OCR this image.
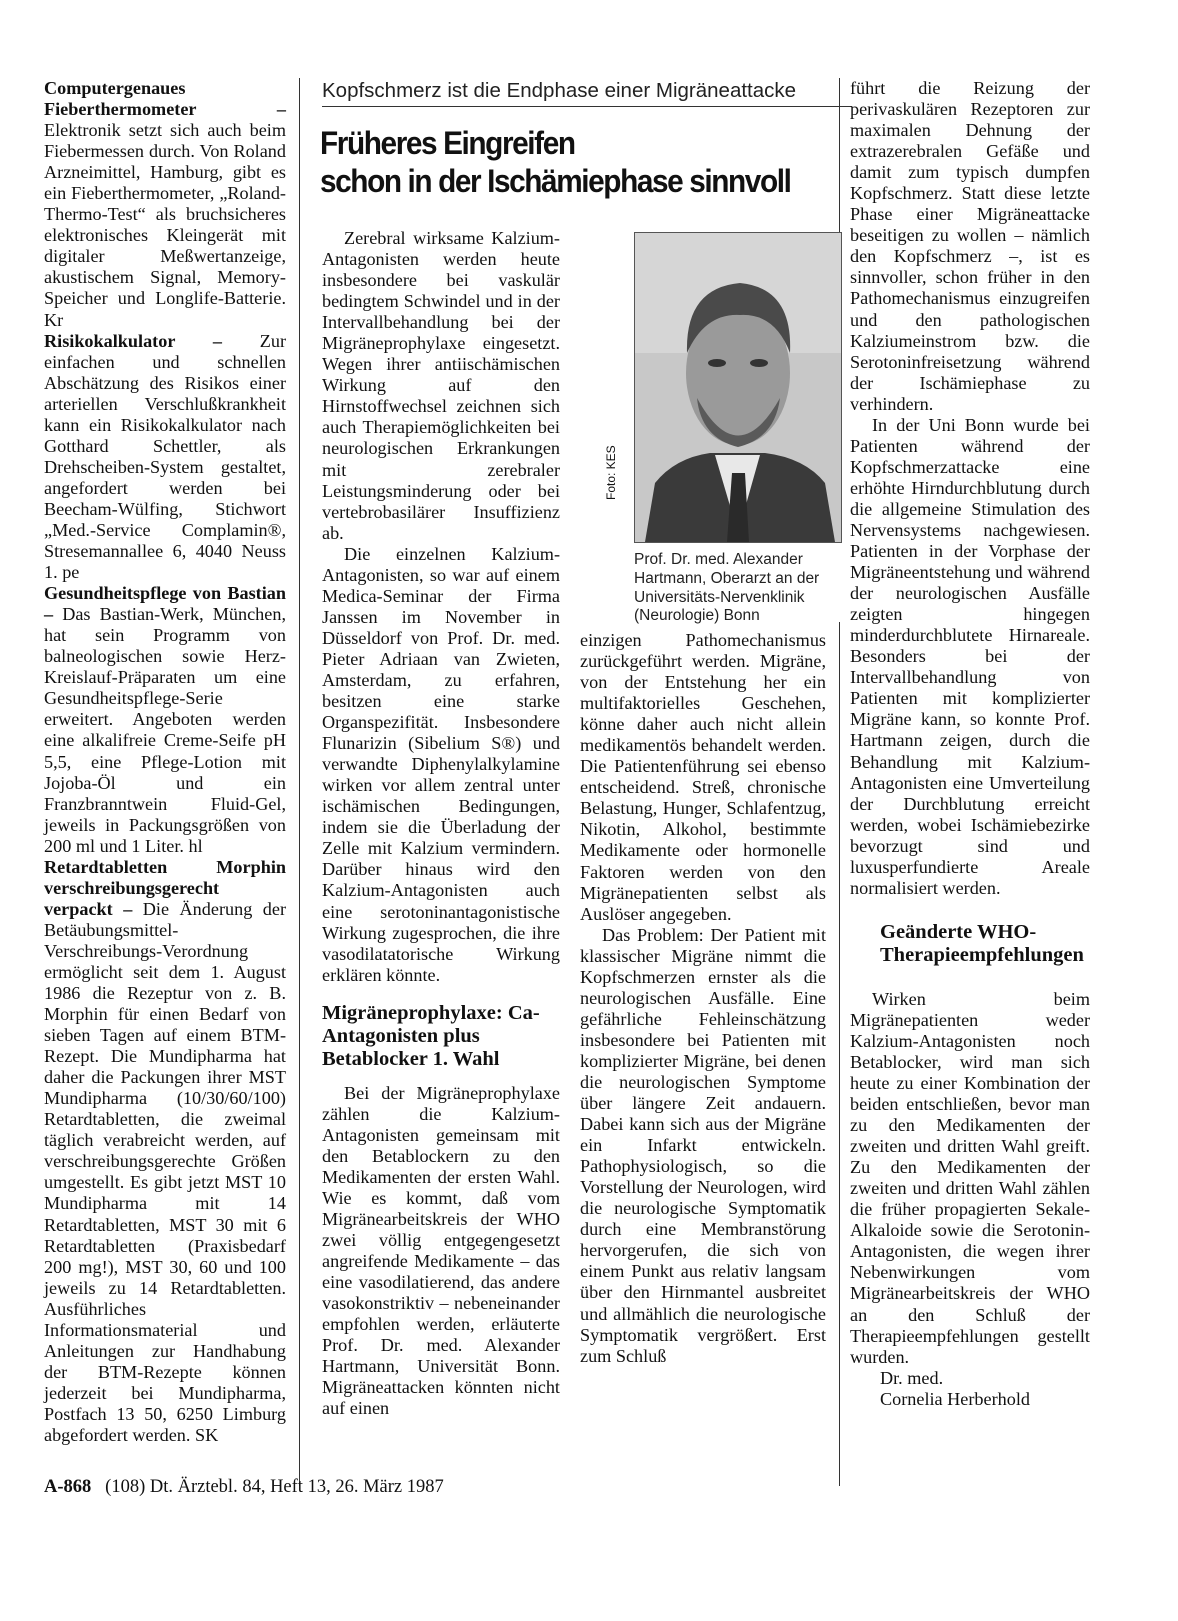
Computergenaues Fieberthermometer – Elektronik setzt sich auch beim Fiebermessen durch. Von Roland Arzneimittel, Hamburg, gibt es ein Fieberthermometer, „Roland-Thermo-Test“ als bruchsicheres elektronisches Kleingerät mit digitaler Meßwertanzeige, akustischem Signal, Memory-Speicher und Longlife-Batterie. Kr

Risikokalkulator – Zur einfachen und schnellen Abschätzung des Risikos einer arteriellen Verschlußkrankheit kann ein Risikokalkulator nach Gotthard Schettler, als Drehscheiben-System gestaltet, angefordert werden bei Beecham-Wülfing, Stichwort „Med.-Service Complamin®, Stresemannallee 6, 4040 Neuss 1. pe

Gesundheitspflege von Bastian – Das Bastian-Werk, München, hat sein Programm von balneologischen sowie Herz-Kreislauf-Präparaten um eine Gesundheitspflege-Serie erweitert. Angeboten werden eine alkalifreie Creme-Seife pH 5,5, eine Pflege-Lotion mit Jojoba-Öl und ein Franzbranntwein Fluid-Gel, jeweils in Packungsgrößen von 200 ml und 1 Liter. hl

Retardtabletten Morphin verschreibungsgerecht verpackt – Die Änderung der Betäubungsmittel-Verschreibungs-Verordnung ermöglicht seit dem 1. August 1986 die Rezeptur von z. B. Morphin für einen Bedarf von sieben Tagen auf einem BTM-Rezept. Die Mundipharma hat daher die Packungen ihrer MST Mundipharma (10/30/60/100) Retardtabletten, die zweimal täglich verabreicht werden, auf verschreibungsgerechte Größen umgestellt. Es gibt jetzt MST 10 Mundipharma mit 14 Retardtabletten, MST 30 mit 6 Retardtabletten (Praxisbedarf 200 mg!), MST 30, 60 und 100 jeweils zu 14 Retardtabletten. Ausführliches Informationsmaterial und Anleitungen zur Handhabung der BTM-Rezepte können jederzeit bei Mundipharma, Postfach 13 50, 6250 Limburg abgefordert werden. SK

Kopfschmerz ist die Endphase einer Migräneattacke
Früheres Eingreifen
schon in der Ischämiephase sinnvoll

Zerebral wirksame Kalzium-Antagonisten werden heute insbesondere bei vaskulär bedingtem Schwindel und in der Intervallbehandlung bei der Migräneprophylaxe eingesetzt. Wegen ihrer antiischämischen Wirkung auf den Hirnstoffwechsel zeichnen sich auch Therapiemöglichkeiten bei neurologischen Erkrankungen mit zerebraler Leistungsminderung oder bei vertebrobasilärer Insuffizienz ab.

Die einzelnen Kalzium-Antagonisten, so war auf einem Medica-Seminar der Firma Janssen im November in Düsseldorf von Prof. Dr. med. Pieter Adriaan van Zwieten, Amsterdam, zu erfahren, besitzen eine starke Organspezifität. Insbesondere Flunarizin (Sibelium S®) und verwandte Diphenylalkylamine wirken vor allem zentral unter ischämischen Bedingungen, indem sie die Überladung der Zelle mit Kalzium vermindern. Darüber hinaus wird den Kalzium-Antagonisten auch eine serotoninantagonistische Wirkung zugesprochen, die ihre vasodilatatorische Wirkung erklären könnte.

Migräneprophylaxe: Ca-Antagonisten plus Betablocker 1. Wahl

Bei der Migräneprophylaxe zählen die Kalzium-Antagonisten gemeinsam mit den Betablockern zu den Medikamenten der ersten Wahl. Wie es kommt, daß vom Migränearbeitskreis der WHO zwei völlig entgegengesetzt angreifende Medikamente – das eine vasodilatierend, das andere vasokonstriktiv – nebeneinander empfohlen werden, erläuterte Prof. Dr. med. Alexander Hartmann, Universität Bonn. Migräneattacken könnten nicht auf einen

Foto: KES
Prof. Dr. med. Alexander Hartmann, Oberarzt an der Universitäts-Nervenklinik (Neurologie) Bonn

einzigen Pathomechanismus zurückgeführt werden. Migräne, von der Entstehung her ein multifaktorielles Geschehen, könne daher auch nicht allein medikamentös behandelt werden. Die Patientenführung sei ebenso entscheidend. Streß, chronische Belastung, Hunger, Schlafentzug, Nikotin, Alkohol, bestimmte Medikamente oder hormonelle Faktoren werden von den Migränepatienten selbst als Auslöser angegeben.

Das Problem: Der Patient mit klassischer Migräne nimmt die Kopfschmerzen ernster als die neurologischen Ausfälle. Eine gefährliche Fehleinschätzung insbesondere bei Patienten mit komplizierter Migräne, bei denen die neurologischen Symptome über längere Zeit andauern. Dabei kann sich aus der Migräne ein Infarkt entwickeln. Pathophysiologisch, so die Vorstellung der Neurologen, wird die neurologische Symptomatik durch eine Membranstörung hervorgerufen, die sich von einem Punkt aus relativ langsam über den Hirnmantel ausbreitet und allmählich die neurologische Symptomatik vergrößert. Erst zum Schluß

führt die Reizung der perivaskulären Rezeptoren zur maximalen Dehnung der extrazerebralen Gefäße und damit zum typisch dumpfen Kopfschmerz. Statt diese letzte Phase einer Migräneattacke beseitigen zu wollen – nämlich den Kopfschmerz –, ist es sinnvoller, schon früher in den Pathomechanismus einzugreifen und den pathologischen Kalziumeinstrom bzw. die Serotoninfreisetzung während der Ischämiephase zu verhindern.

In der Uni Bonn wurde bei Patienten während der Kopfschmerzattacke eine erhöhte Hirndurchblutung durch die allgemeine Stimulation des Nervensystems nachgewiesen. Patienten in der Vorphase der Migräneentstehung und während der neurologischen Ausfälle zeigten hingegen minderdurchblutete Hirnareale. Besonders bei der Intervallbehandlung von Patienten mit komplizierter Migräne kann, so konnte Prof. Hartmann zeigen, durch die Behandlung mit Kalzium-Antagonisten eine Umverteilung der Durchblutung erreicht werden, wobei Ischämiebezirke bevorzugt sind und luxusperfundierte Areale normalisiert werden.

Geänderte WHO-Therapieempfehlungen

Wirken beim Migränepatienten weder Kalzium-Antagonisten noch Betablocker, wird man sich heute zu einer Kombination der beiden entschließen, bevor man zu den Medikamenten der zweiten und dritten Wahl greift. Zu den Medikamenten der zweiten und dritten Wahl zählen die früher propagierten Sekale-Alkaloide sowie die Serotonin-Antagonisten, die wegen ihrer Nebenwirkungen vom Migränearbeitskreis der WHO an den Schluß der Therapieempfehlungen gestellt wurden.

Dr. med.

Cornelia Herberhold

A-868 (108) Dt. Ärztebl. 84, Heft 13, 26. März 1987
